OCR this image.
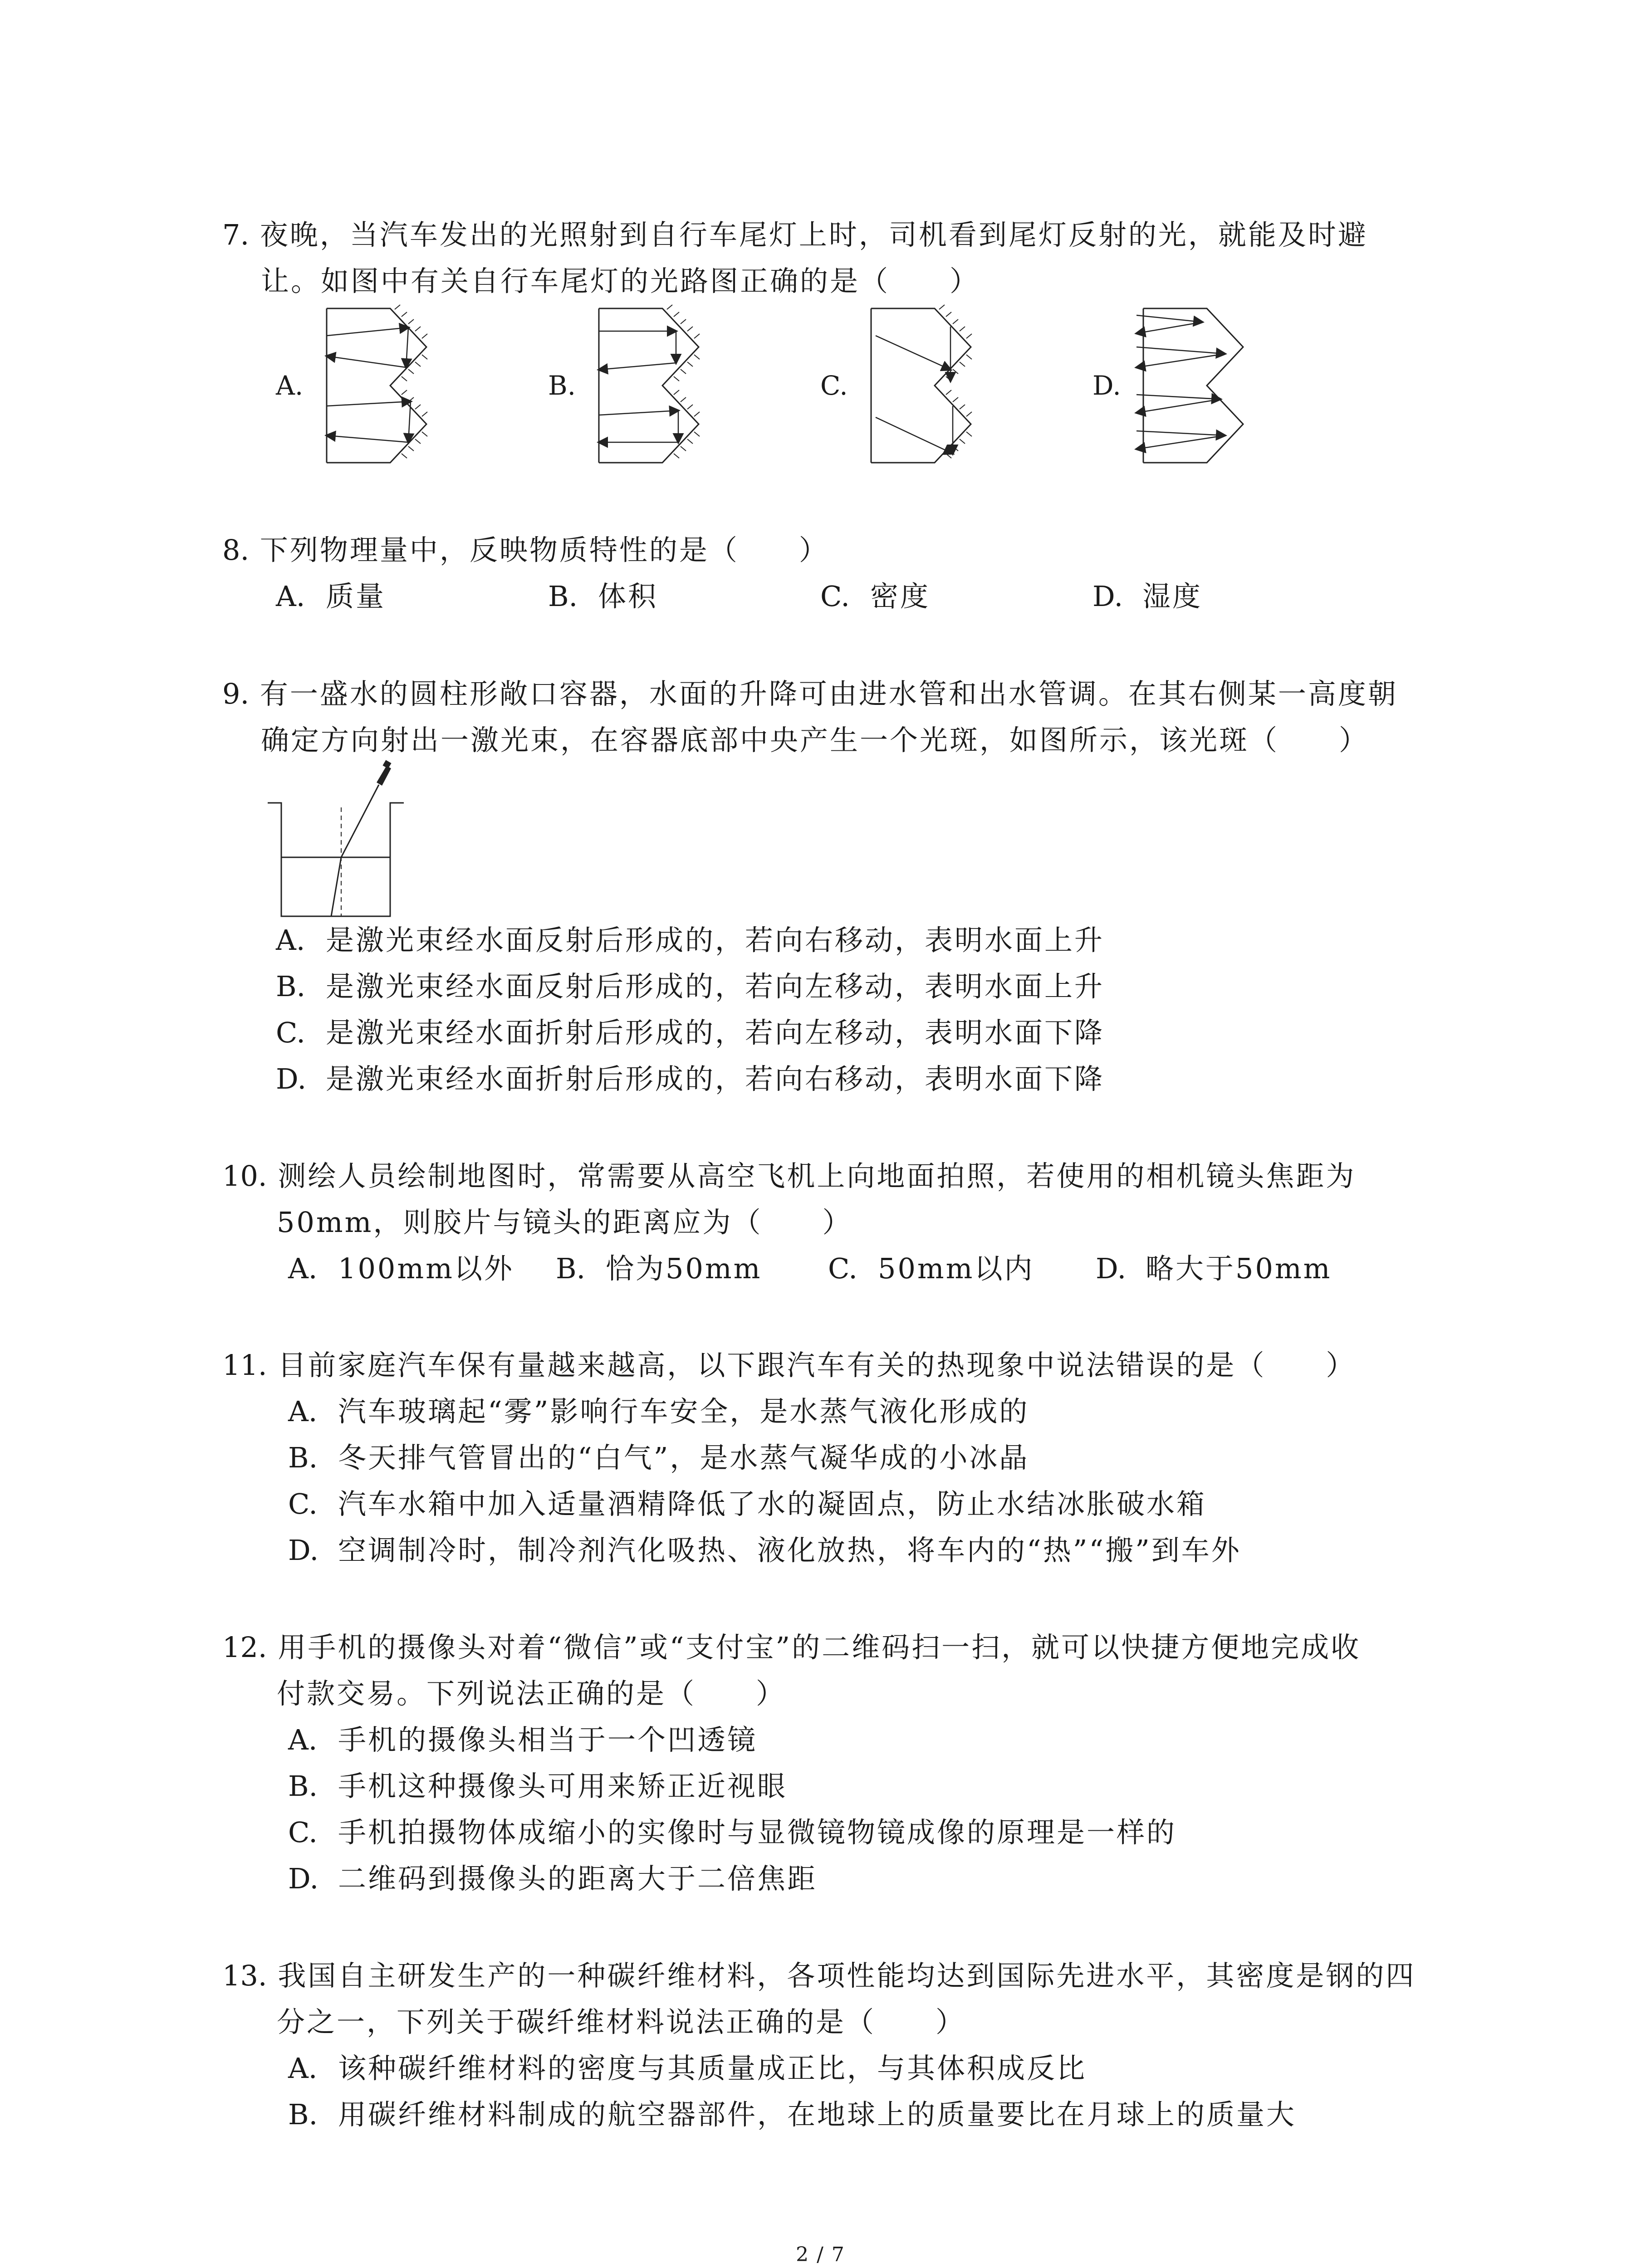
7. 夜晚，当汽车发出的光照射到自行车尾灯上时，司机看到尾灯反射的光，就能及时避
让。如图中有关自行车尾灯的光路图正确的是（　　）
A.	B.	C.	D.
8. 下列物理量中，反映物质特性的是（　　）
A. 质量	B. 体积	C. 密度	D. 湿度
9. 有一盛水的圆柱形敞口容器，水面的升降可由进水管和出水管调。在其右侧某一高度朝
确定方向射出一激光束，在容器底部中央产生一个光斑，如图所示，该光斑（　　）
A. 是激光束经水面反射后形成的，若向右移动，表明水面上升
B. 是激光束经水面反射后形成的，若向左移动，表明水面上升
C. 是激光束经水面折射后形成的，若向左移动，表明水面下降
D. 是激光束经水面折射后形成的，若向右移动，表明水面下降
10. 测绘人员绘制地图时，常需要从高空飞机上向地面拍照，若使用的相机镜头焦距为
50mm，则胶片与镜头的距离应为（　　）
A. 100mm以外 B. 恰为50mm C. 50mm以内 D. 略大于50mm
11. 目前家庭汽车保有量越来越高，以下跟汽车有关的热现象中说法错误的是（　　）
A. 汽车玻璃起“雾”影响行车安全，是水蒸气液化形成的
B. 冬天排气管冒出的“白气”，是水蒸气凝华成的小冰晶
C. 汽车水箱中加入适量酒精降低了水的凝固点，防止水结冰胀破水箱
D. 空调制冷时，制冷剂汽化吸热、液化放热，将车内的“热”“搬”到车外
12. 用手机的摄像头对着“微信”或“支付宝”的二维码扫一扫，就可以快捷方便地完成收
付款交易。下列说法正确的是（　　）
A. 手机的摄像头相当于一个凹透镜
B. 手机这种摄像头可用来矫正近视眼
C. 手机拍摄物体成缩小的实像时与显微镜物镜成像的原理是一样的
D. 二维码到摄像头的距离大于二倍焦距
13. 我国自主研发生产的一种碳纤维材料，各项性能均达到国际先进水平，其密度是钢的四
分之一，下列关于碳纤维材料说法正确的是（　　）
A. 该种碳纤维材料的密度与其质量成正比，与其体积成反比
B. 用碳纤维材料制成的航空器部件，在地球上的质量要比在月球上的质量大
2 / 7
